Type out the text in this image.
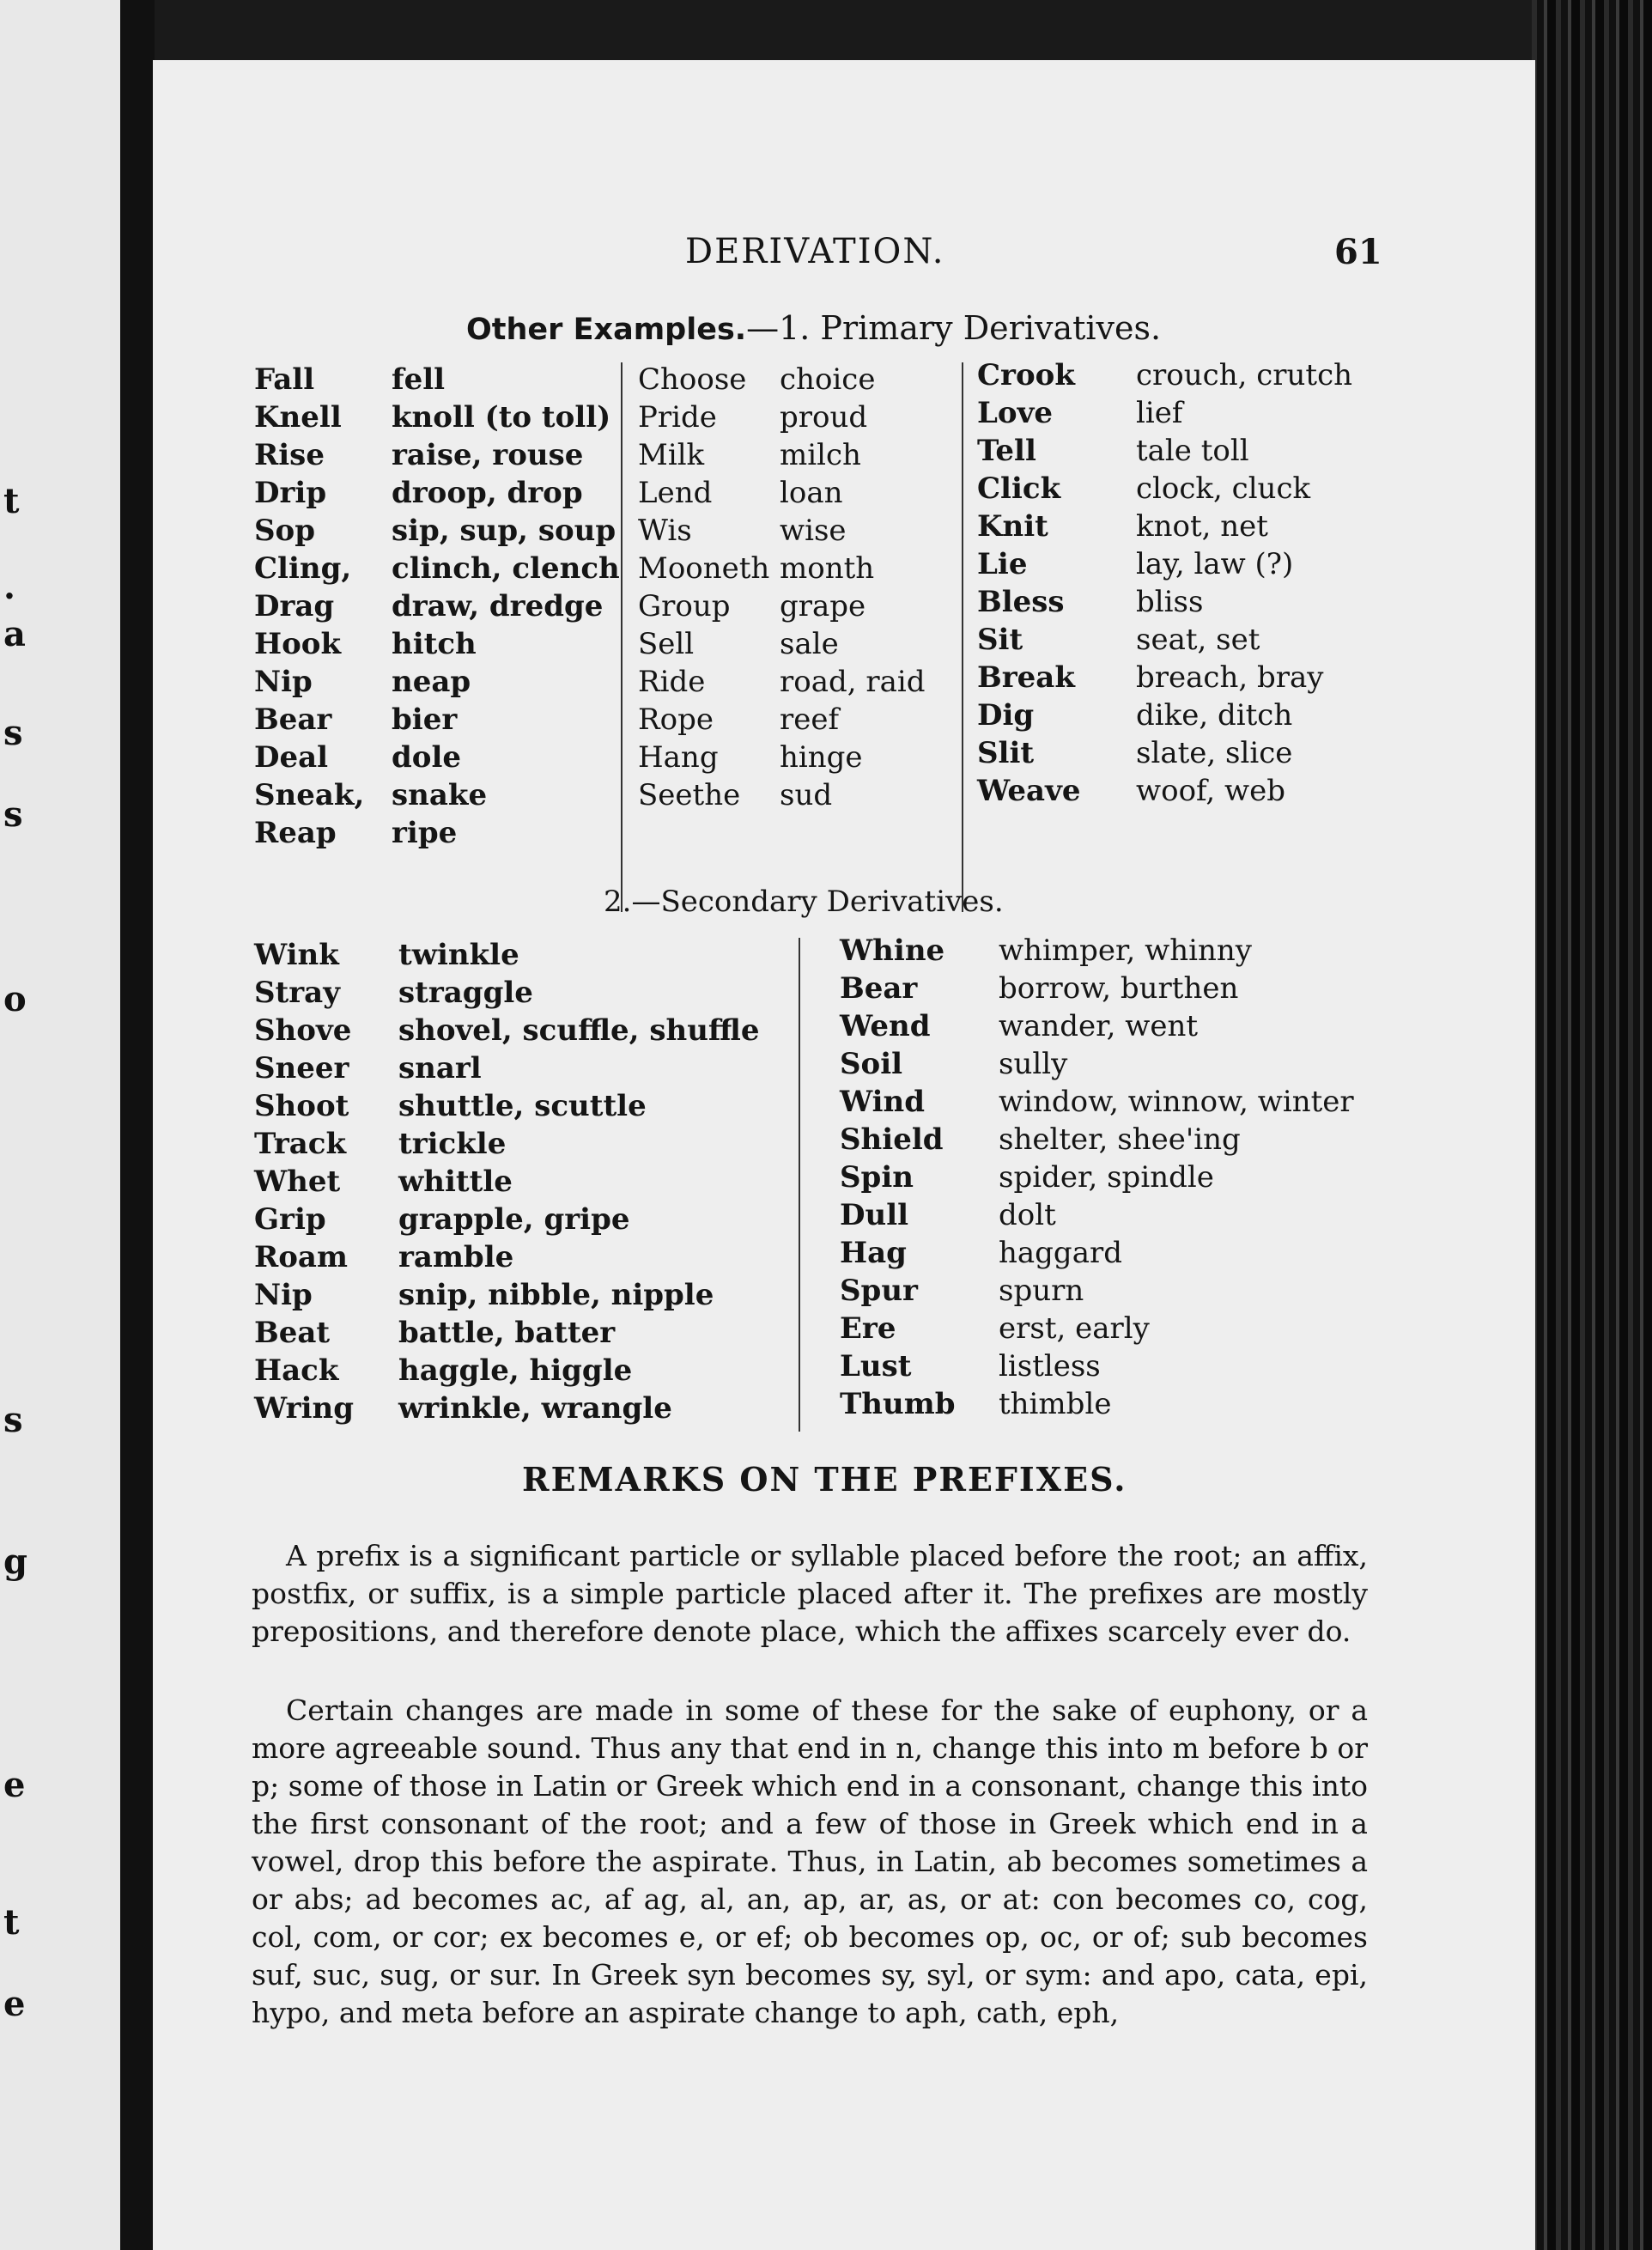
t
.
a
s
s
o
s
g
e
t
e
DERIVATION.	61
Other Examples.—1. Primary Derivatives.
Fall	fell
Knell knoll (to toll)
Rise raise, rouse
Drip droop, drop
Sop	sip, sup, soup
Cling, clinch, clench
Drag draw, dredge
Hook hitch
Nip	neap
Bear bier
Deal dole
Sneak, snake
Reap ripe
Choose choice
Pride proud
Milk	milch
Lend loan
Wis	wise
Mooneth month
Group grape
Sell	sale
Ride	road, raid
Rope reef
Hang hinge
Seethe sud
Crook crouch, crutch
Love	lief
Tell	tale toll
Click	clock, cluck
Knit	knot, net
Lie	lay, law (?)
Bless bliss
Sit	seat, set
Break breach, bray
Dig	dike, ditch
Slit	slate, slice
Weave woof, web
2.—Secondary Derivatives.
Wink twinkle
Stray straggle
Shove shovel, scuffle, shuffle
Sneer snarl
Shoot shuttle, scuttle
Track trickle
Whet whittle
Grip grapple, gripe
Roam ramble
Nip	snip, nibble, nipple
Beat battle, batter
Hack haggle, higgle
Wring wrinkle, wrangle
Whine whimper, whinny
Bear	borrow, burthen
Wend wander, went
Soil	sully
Wind	window, winnow, winter
Shield shelter, shee'ing
Spin	spider, spindle
Dull	dolt
Hag	haggard
Spur	spurn
Ere	erst, early
Lust	listless
Thumb thimble
REMARKS ON THE PREFIXES.

A prefix is a significant particle or syllable placed before the root; an affix, postfix, or suffix, is a simple particle placed after it. The prefixes are mostly prepositions, and therefore denote place, which the affixes scarcely ever do.

Certain changes are made in some of these for the sake of euphony, or a more agreeable sound. Thus any that end in n, change this into m before b or p; some of those in Latin or Greek which end in a consonant, change this into the first consonant of the root; and a few of those in Greek which end in a vowel, drop this before the aspirate. Thus, in Latin, ab becomes sometimes a or abs; ad becomes ac, af ag, al, an, ap, ar, as, or at: con becomes co, cog, col, com, or cor; ex becomes e, or ef; ob becomes op, oc, or of; sub becomes suf, suc, sug, or sur. In Greek syn becomes sy, syl, or sym: and apo, cata, epi, hypo, and meta before an aspirate change to aph, cath, eph,
